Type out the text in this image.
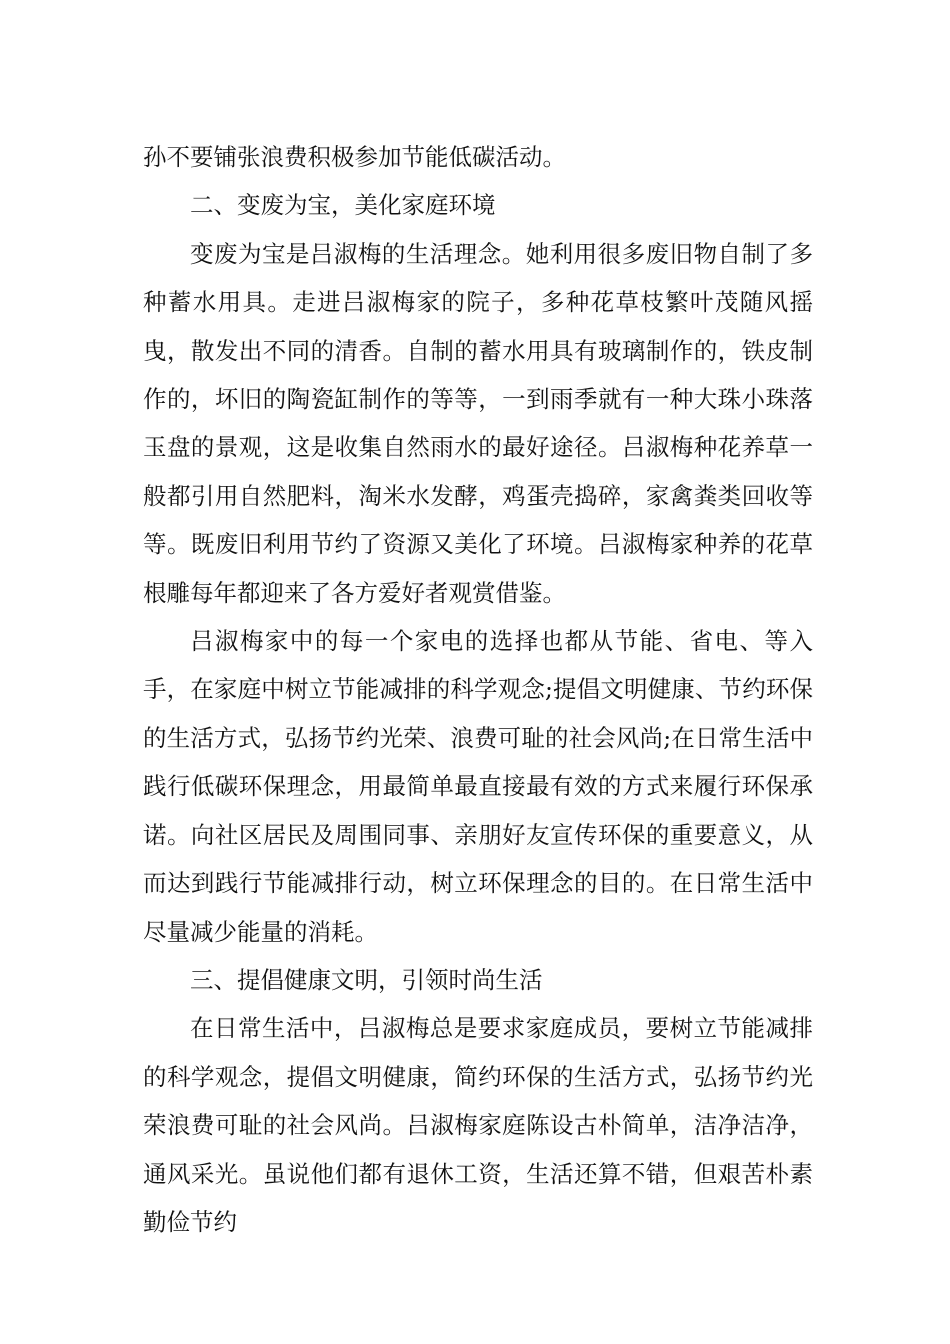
孙不要铺张浪费积极参加节能低碳活动。

二、变废为宝，美化家庭环境

变废为宝是吕淑梅的生活理念。她利用很多废旧物自制了多种蓄水用具。走进吕淑梅家的院子，多种花草枝繁叶茂随风摇曳，散发出不同的清香。自制的蓄水用具有玻璃制作的，铁皮制作的，坏旧的陶瓷缸制作的等等，一到雨季就有一种大珠小珠落玉盘的景观，这是收集自然雨水的最好途径。吕淑梅种花养草一般都引用自然肥料，淘米水发酵，鸡蛋壳捣碎，家禽粪类回收等等。既废旧利用节约了资源又美化了环境。吕淑梅家种养的花草根雕每年都迎来了各方爱好者观赏借鉴。

吕淑梅家中的每一个家电的选择也都从节能、省电、等入手，在家庭中树立节能减排的科学观念;提倡文明健康、节约环保的生活方式，弘扬节约光荣、浪费可耻的社会风尚;在日常生活中践行低碳环保理念，用最简单最直接最有效的方式来履行环保承诺。向社区居民及周围同事、亲朋好友宣传环保的重要意义，从而达到践行节能减排行动，树立环保理念的目的。在日常生活中尽量减少能量的消耗。

三、提倡健康文明，引领时尚生活

在日常生活中，吕淑梅总是要求家庭成员，要树立节能减排的科学观念，提倡文明健康，简约环保的生活方式，弘扬节约光荣浪费可耻的社会风尚。吕淑梅家庭陈设古朴简单，洁净洁净，通风采光。虽说他们都有退休工资，生活还算不错，但艰苦朴素勤俭节约
